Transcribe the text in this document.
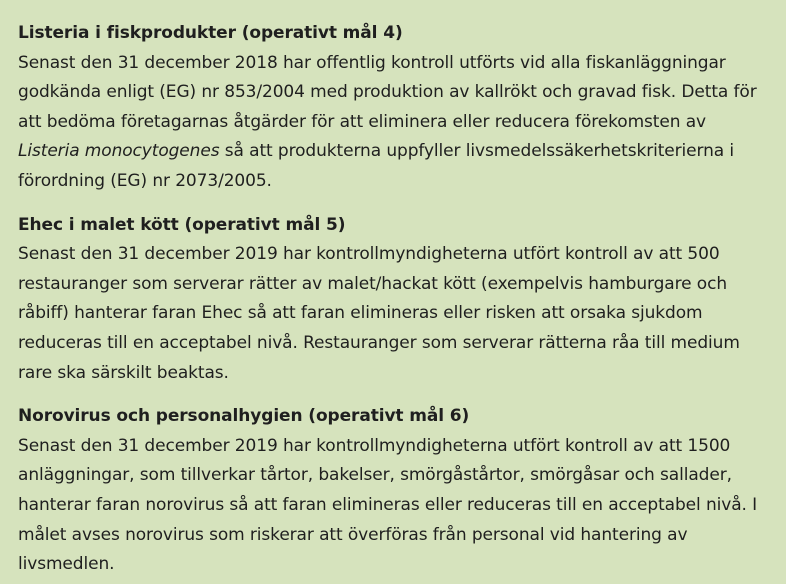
Listeria i fiskprodukter (operativt mål 4)

Senast den 31 december 2018 har offentlig kontroll utförts vid alla fiskanläggningar godkända enligt (EG) nr 853/2004 med produktion av kallrökt och gravad fisk. Detta för att bedöma företagarnas åtgärder för att eliminera eller reducera förekomsten av Listeria monocytogenes så att produkterna uppfyller livsmedelssäkerhetskriterierna i förordning (EG) nr 2073/2005.

Ehec i malet kött (operativt mål 5)

Senast den 31 december 2019 har kontrollmyndigheterna utfört kontroll av att 500 restauranger som serverar rätter av malet/hackat kött (exempelvis hamburgare och råbiff) hanterar faran Ehec så att faran elimineras eller risken att orsaka sjukdom reduceras till en acceptabel nivå. Restauranger som serverar rätterna råa till medium rare ska särskilt beaktas.

Norovirus och personalhygien (operativt mål 6)

Senast den 31 december 2019 har kontrollmyndigheterna utfört kontroll av att 1500 anläggningar, som tillverkar tårtor, bakelser, smörgåstårtor, smörgåsar och sallader, hanterar faran norovirus så att faran elimineras eller reduceras till en acceptabel nivå. I målet avses norovirus som riskerar att överföras från personal vid hantering av livsmedlen.
